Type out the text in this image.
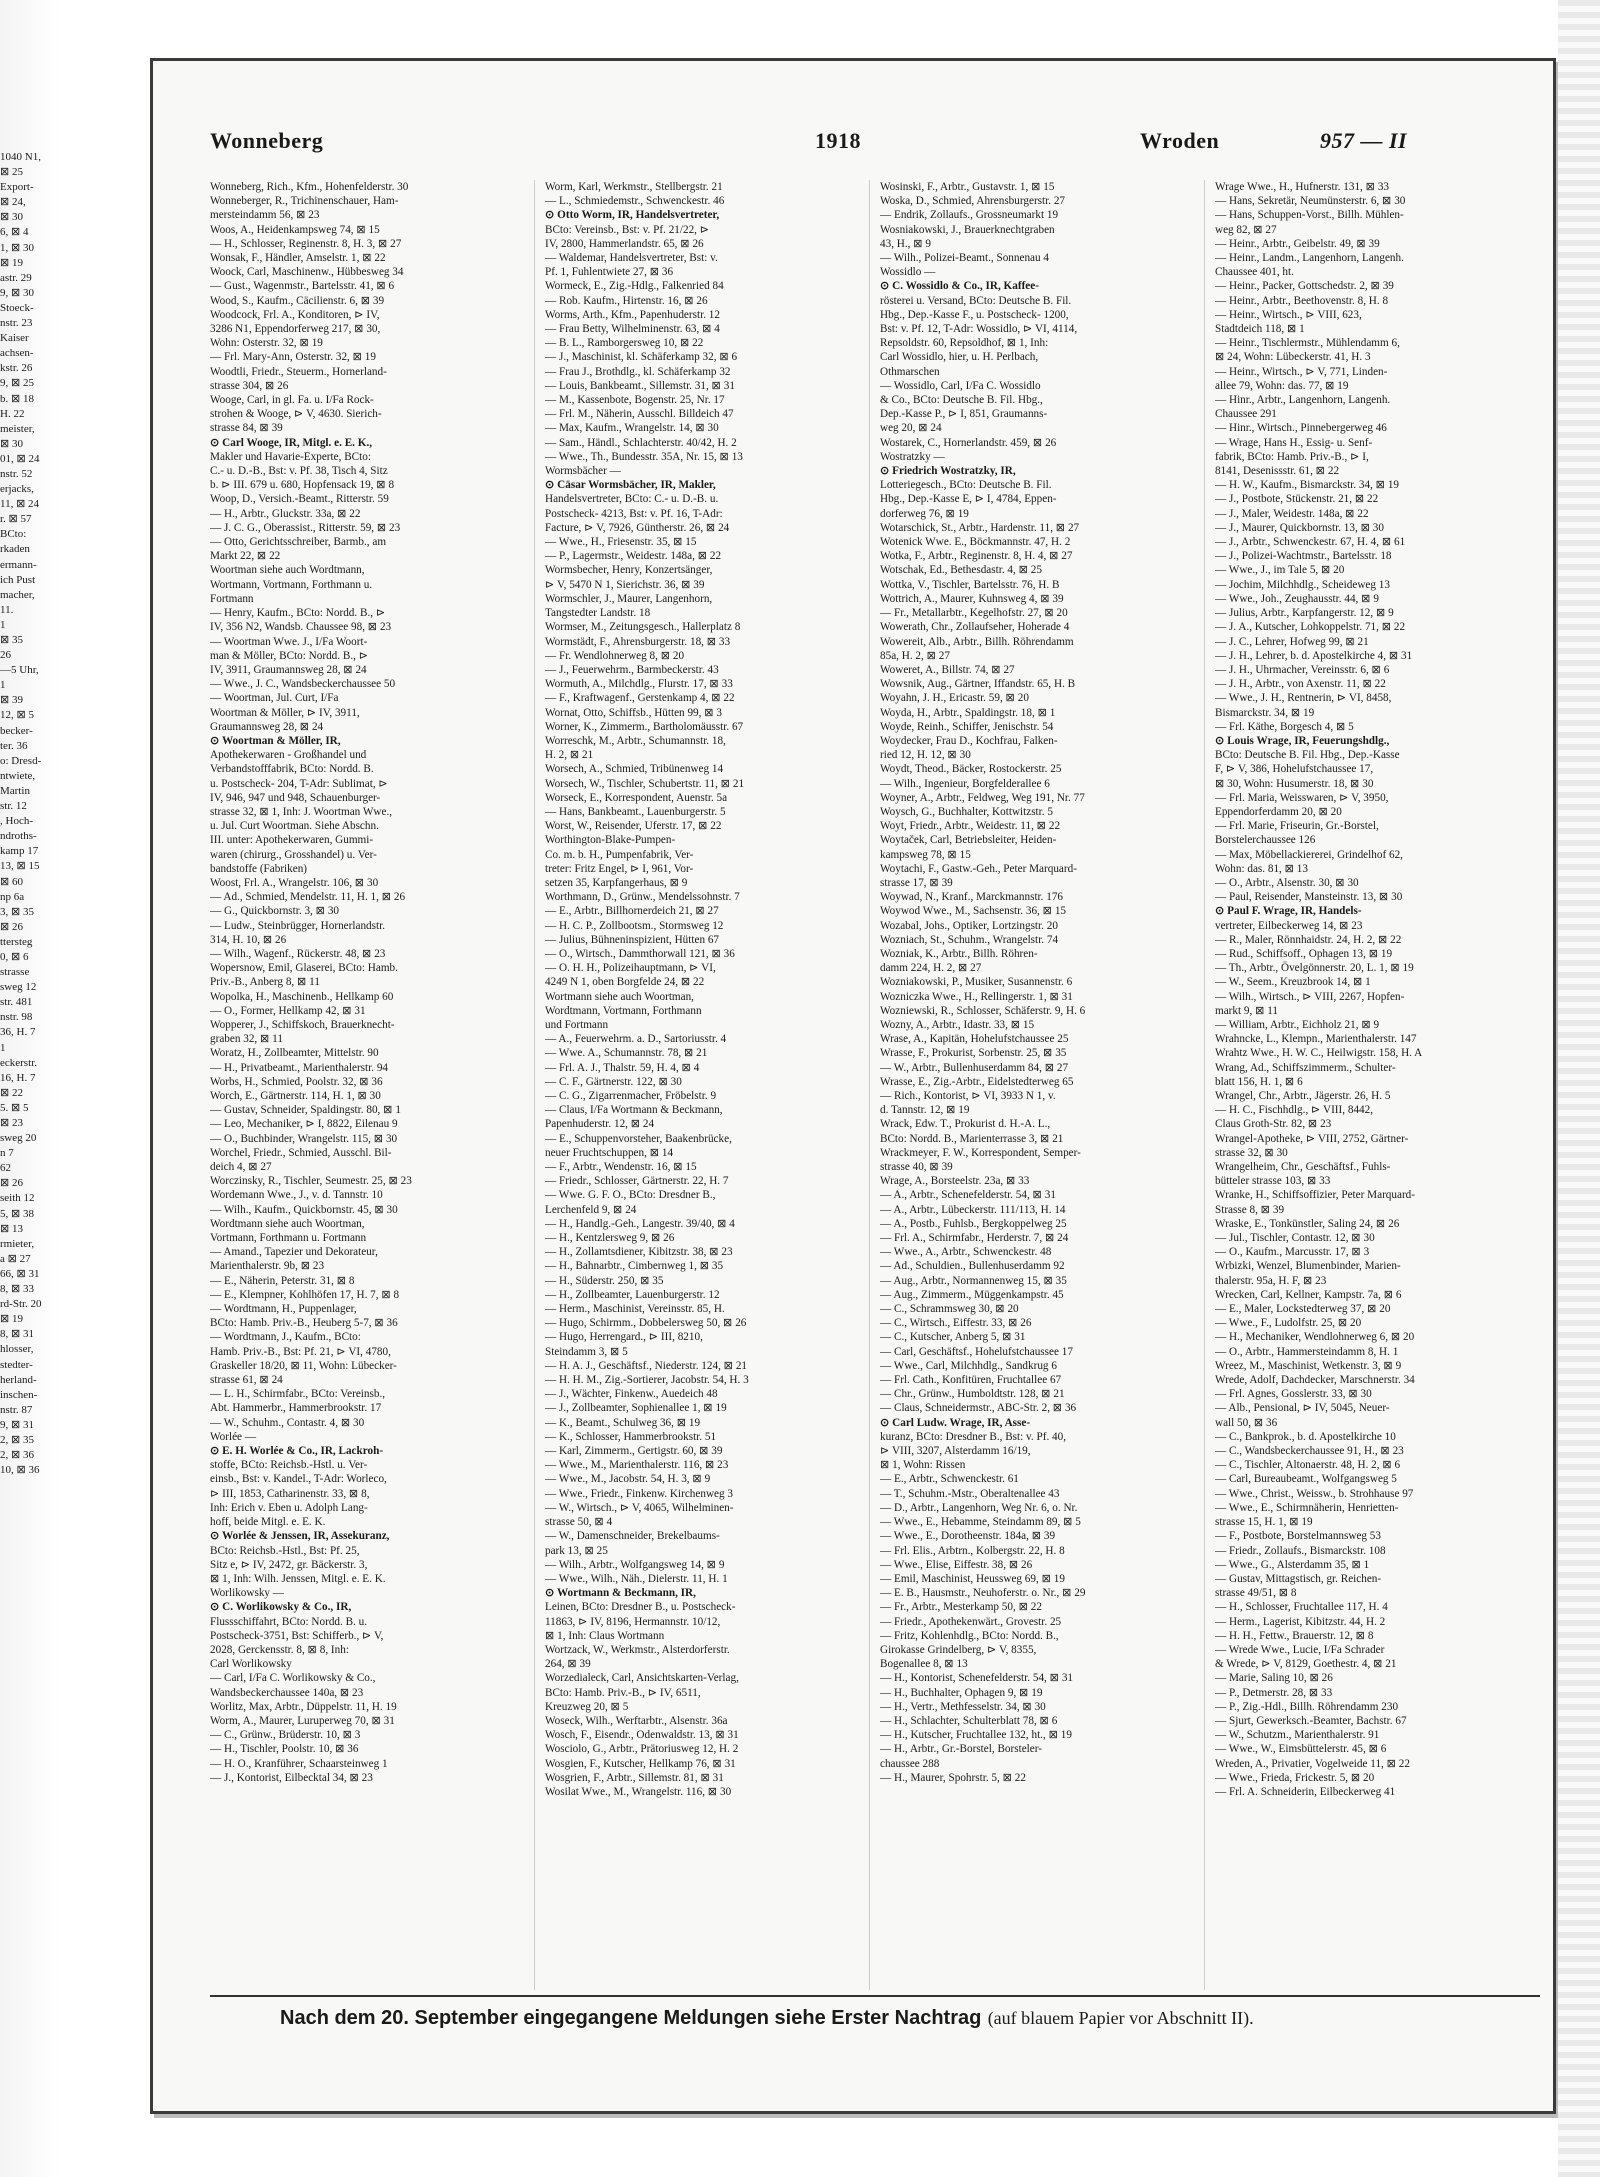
1040 N1,
⊠ 25
Export-
⊠ 24,
⊠ 30
6, ⊠ 4
1, ⊠ 30
⊠ 19
astr. 29
9, ⊠ 30
Stoeck-
nstr. 23
Kaiser
achsen-
kstr. 26
9, ⊠ 25
b. ⊠ 18
H. 22
meister,
⊠ 30
01, ⊠ 24
nstr. 52
erjacks,
11, ⊠ 24
r. ⊠ 57
BCto:
rkaden
ermann-
ich Pust
macher,
11.
1
⊠ 35
26
—5 Uhr,
1
⊠ 39
12, ⊠ 5
becker-
ter. 36
o: Dresd-
ntwiete,
Martin
str. 12
, Hoch-
ndroths-
kamp 17
13, ⊠ 15
⊠ 60
np 6a
3, ⊠ 35
⊠ 26
ttersteg
0, ⊠ 6
strasse
sweg 12
str. 481
nstr. 98
36, H. 7
1
eckerstr.
16, H. 7
⊠ 22
5. ⊠ 5
⊠ 23
sweg 20
n 7
62
⊠ 26
seith 12
5, ⊠ 38
⊠ 13
rmieter,
a ⊠ 27
66, ⊠ 31
8, ⊠ 33
rd-Str. 20
⊠ 19
8, ⊠ 31
hlosser,
stedter-
herland-
inschen-
nstr. 87
9, ⊠ 31
2, ⊠ 35
2, ⊠ 36
10, ⊠ 36
Wonneberg	1918	Wroden	957 — II
Wonneberg, Rich., Kfm., Hohenfelderstr. 30
Wonneberger, R., Trichinenschauer, Ham-
mersteindamm 56, ⊠ 23
Woos, A., Heidenkampsweg 74, ⊠ 15
— H., Schlosser, Reginenstr. 8, H. 3, ⊠ 27
Wonsak, F., Händler, Amselstr. 1, ⊠ 22
Woock, Carl, Maschinenw., Hübbesweg 34
— Gust., Wagenmstr., Bartelsstr. 41, ⊠ 6
Wood, S., Kaufm., Cäcilienstr. 6, ⊠ 39
Woodcock, Frl. A., Konditoren, ⊳ IV,
3286 N1, Eppendorferweg 217, ⊠ 30,
Wohn: Osterstr. 32, ⊠ 19
— Frl. Mary-Ann, Osterstr. 32, ⊠ 19
Woodtli, Friedr., Steuerm., Hornerland-
strasse 304, ⊠ 26
Wooge, Carl, in gl. Fa. u. I/Fa Rock-
strohen & Wooge, ⊳ V, 4630. Sierich-
strasse 84, ⊠ 39
⊙ Carl Wooge, IR, Mitgl. e. E. K.,
Makler und Havarie-Experte, BCto:
C.- u. D.-B., Bst: v. Pf. 38, Tisch 4, Sitz
b. ⊳ III. 679 u. 680, Hopfensack 19, ⊠ 8
Woop, D., Versich.-Beamt., Ritterstr. 59
— H., Arbtr., Gluckstr. 33a, ⊠ 22
— J. C. G., Oberassist., Ritterstr. 59, ⊠ 23
— Otto, Gerichtsschreiber, Barmb., am
Markt 22, ⊠ 22
Woortman siehe auch Wordtmann,
Wortmann, Vortmann, Forthmann u.
Fortmann
— Henry, Kaufm., BCto: Nordd. B., ⊳
IV, 356 N2, Wandsb. Chaussee 98, ⊠ 23
— Woortman Wwe. J., I/Fa Woort-
man & Möller, BCto: Nordd. B., ⊳
IV, 3911, Graumannsweg 28, ⊠ 24
— Wwe., J. C., Wandsbeckerchaussee 50
— Woortman, Jul. Curt, I/Fa
Woortman & Möller, ⊳ IV, 3911,
Graumannsweg 28, ⊠ 24
⊙ Woortman & Möller, IR,
Apothekerwaren - Großhandel und
Verbandstofffabrik, BCto: Nordd. B.
u. Postscheck- 204, T-Adr: Sublimat, ⊳
IV, 946, 947 und 948, Schauenburger-
strasse 32, ⊠ 1, Inh: J. Woortman Wwe.,
u. Jul. Curt Woortman. Siehe Abschn.
III. unter: Apothekerwaren, Gummi-
waren (chirurg., Grosshandel) u. Ver-
bandstoffe (Fabriken)
Woost, Frl. A., Wrangelstr. 106, ⊠ 30
— Ad., Schmied, Mendelstr. 11, H. 1, ⊠ 26
— G., Quickbornstr. 3, ⊠ 30
— Ludw., Steinbrügger, Hornerlandstr.
314, H. 10, ⊠ 26
— Wilh., Wagenf., Rückerstr. 48, ⊠ 23
Wopersnow, Emil, Glaserei, BCto: Hamb.
Priv.-B., Anberg 8, ⊠ 11
Wopolka, H., Maschinenb., Hellkamp 60
— O., Former, Hellkamp 42, ⊠ 31
Wopperer, J., Schiffskoch, Brauerknecht-
graben 32, ⊠ 11
Woratz, H., Zollbeamter, Mittelstr. 90
— H., Privatbeamt., Marienthalerstr. 94
Worbs, H., Schmied, Poolstr. 32, ⊠ 36
Worch, E., Gärtnerstr. 114, H. 1, ⊠ 30
— Gustav, Schneider, Spaldingstr. 80, ⊠ 1
— Leo, Mechaniker, ⊳ I, 8822, Eilenau 9
— O., Buchbinder, Wrangelstr. 115, ⊠ 30
Worchel, Friedr., Schmied, Ausschl. Bil-
deich 4, ⊠ 27
Worczinsky, R., Tischler, Seumestr. 25, ⊠ 23
Wordemann Wwe., J., v. d. Tannstr. 10
— Wilh., Kaufm., Quickbornstr. 45, ⊠ 30
Wordtmann siehe auch Woortman,
Vortmann, Forthmann u. Fortmann
— Amand., Tapezier und Dekorateur,
Marienthalerstr. 9b, ⊠ 23
— E., Näherin, Peterstr. 31, ⊠ 8
— E., Klempner, Kohlhöfen 17, H. 7, ⊠ 8
— Wordtmann, H., Puppenlager,
BCto: Hamb. Priv.-B., Heuberg 5-7, ⊠ 36
— Wordtmann, J., Kaufm., BCto:
Hamb. Priv.-B., Bst: Pf. 21, ⊳ VI, 4780,
Graskeller 18/20, ⊠ 11, Wohn: Lübecker-
strasse 61, ⊠ 24
— L. H., Schirmfabr., BCto: Vereinsb.,
Abt. Hammerbr., Hammerbrookstr. 17
— W., Schuhm., Contastr. 4, ⊠ 30
Worlée —
⊙ E. H. Worlée & Co., IR, Lackroh-
stoffe, BCto: Reichsb.-Hstl. u. Ver-
einsb., Bst: v. Kandel., T-Adr: Worleco,
⊳ III, 1853, Catharinenstr. 33, ⊠ 8,
Inh: Erich v. Eben u. Adolph Lang-
hoff, beide Mitgl. e. E. K.
⊙ Worlée & Jenssen, IR, Assekuranz,
BCto: Reichsb.-Hstl., Bst: Pf. 25,
Sitz e, ⊳ IV, 2472, gr. Bäckerstr. 3,
⊠ 1, Inh: Wilh. Jenssen, Mitgl. e. E. K.
Worlikowsky —
⊙ C. Worlikowsky & Co., IR,
Flussschiffahrt, BCto: Nordd. B. u.
Postscheck-3751, Bst: Schifferb., ⊳ V,
2028, Gerckensstr. 8, ⊠ 8, Inh:
Carl Worlikowsky
— Carl, I/Fa C. Worlikowsky & Co.,
Wandsbeckerchaussee 140a, ⊠ 23
Worlitz, Max, Arbtr., Düppelstr. 11, H. 19
Worm, A., Maurer, Luruperweg 70, ⊠ 31
— C., Grünw., Brüderstr. 10, ⊠ 3
— H., Tischler, Poolstr. 10, ⊠ 36
— H. O., Kranführer, Schaarsteinweg 1
— J., Kontorist, Eilbecktal 34, ⊠ 23
Worm, Karl, Werkmstr., Stellbergstr. 21
— L., Schmiedemstr., Schwenckestr. 46
⊙ Otto Worm, IR, Handelsvertreter,
BCto: Vereinsb., Bst: v. Pf. 21/22, ⊳
IV, 2800, Hammerlandstr. 65, ⊠ 26
— Waldemar, Handelsvertreter, Bst: v.
Pf. 1, Fuhlentwiete 27, ⊠ 36
Wormeck, E., Zig.-Hdlg., Falkenried 84
— Rob. Kaufm., Hirtenstr. 16, ⊠ 26
Worms, Arth., Kfm., Papenhuderstr. 12
— Frau Betty, Wilhelminenstr. 63, ⊠ 4
— B. L., Ramborgersweg 10, ⊠ 22
— J., Maschinist, kl. Schäferkamp 32, ⊠ 6
— Frau J., Brothdlg., kl. Schäferkamp 32
— Louis, Bankbeamt., Sillemstr. 31, ⊠ 31
— M., Kassenbote, Bogenstr. 25, Nr. 17
— Frl. M., Näherin, Ausschl. Billdeich 47
— Max, Kaufm., Wrangelstr. 14, ⊠ 30
— Sam., Händl., Schlachterstr. 40/42, H. 2
— Wwe., Th., Bundesstr. 35A, Nr. 15, ⊠ 13
Wormsbächer —
⊙ Cäsar Wormsbächer, IR, Makler,
Handelsvertreter, BCto: C.- u. D.-B. u.
Postscheck- 4213, Bst: v. Pf. 16, T-Adr:
Facture, ⊳ V, 7926, Güntherstr. 26, ⊠ 24
— Wwe., H., Friesenstr. 35, ⊠ 15
— P., Lagermstr., Weidestr. 148a, ⊠ 22
Wormsbecher, Henry, Konzertsänger,
⊳ V, 5470 N 1, Sierichstr. 36, ⊠ 39
Wormschler, J., Maurer, Langenhorn,
Tangstedter Landstr. 18
Wormser, M., Zeitungsgesch., Hallerplatz 8
Wormstädt, F., Ahrensburgerstr. 18, ⊠ 33
— Fr. Wendlohnerweg 8, ⊠ 20
— J., Feuerwehrm., Barmbeckerstr. 43
Wormuth, A., Milchdlg., Flurstr. 17, ⊠ 33
— F., Kraftwagenf., Gerstenkamp 4, ⊠ 22
Wornat, Otto, Schiffsb., Hütten 99, ⊠ 3
Worner, K., Zimmerm., Bartholomäusstr. 67
Worreschk, M., Arbtr., Schumannstr. 18,
H. 2, ⊠ 21
Worsech, A., Schmied, Tribünenweg 14
Worsech, W., Tischler, Schubertstr. 11, ⊠ 21
Worseck, E., Korrespondent, Auenstr. 5a
— Hans, Bankbeamt., Lauenburgerstr. 5
Worst, W., Reisender, Uferstr. 17, ⊠ 22
Worthington-Blake-Pumpen-
Co. m. b. H., Pumpenfabrik, Ver-
treter: Fritz Engel, ⊳ I, 961, Vor-
setzen 35, Karpfangerhaus, ⊠ 9
Worthmann, D., Grünw., Mendelssohnstr. 7
— E., Arbtr., Billhornerdeich 21, ⊠ 27
— H. C. P., Zollbootsm., Stormsweg 12
— Julius, Bühneninspizient, Hütten 67
— O., Wirtsch., Dammthorwall 121, ⊠ 36
— O. H. H., Polizeihauptmann, ⊳ VI,
4249 N 1, oben Borgfelde 24, ⊠ 22
Wortmann siehe auch Woortman,
Wordtmann, Vortmann, Forthmann
und Fortmann
— A., Feuerwehrm. a. D., Sartoriusstr. 4
— Wwe. A., Schumannstr. 78, ⊠ 21
— Frl. A. J., Thalstr. 59, H. 4, ⊠ 4
— C. F., Gärtnerstr. 122, ⊠ 30
— C. G., Zigarrenmacher, Fröbelstr. 9
— Claus, I/Fa Wortmann & Beckmann,
Papenhuderstr. 12, ⊠ 24
— E., Schuppenvorsteher, Baakenbrücke,
neuer Fruchtschuppen, ⊠ 14
— F., Arbtr., Wendenstr. 16, ⊠ 15
— Friedr., Schlosser, Gärtnerstr. 22, H. 7
— Wwe. G. F. O., BCto: Dresdner B.,
Lerchenfeld 9, ⊠ 24
— H., Handlg.-Geh., Langestr. 39/40, ⊠ 4
— H., Kentzlersweg 9, ⊠ 26
— H., Zollamtsdiener, Kibitzstr. 38, ⊠ 23
— H., Bahnarbtr., Cimbernweg 1, ⊠ 35
— H., Süderstr. 250, ⊠ 35
— H., Zollbeamter, Lauenburgerstr. 12
— Herm., Maschinist, Vereinsstr. 85, H.
— Hugo, Schirmm., Dobbelersweg 50, ⊠ 26
— Hugo, Herrengard., ⊳ III, 8210,
Steindamm 3, ⊠ 5
— H. A. J., Geschäftsf., Niederstr. 124, ⊠ 21
— H. H. M., Zig.-Sortierer, Jacobstr. 54, H. 3
— J., Wächter, Finkenw., Auedeich 48
— J., Zollbeamter, Sophienallee 1, ⊠ 19
— K., Beamt., Schulweg 36, ⊠ 19
— K., Schlosser, Hammerbrookstr. 51
— Karl, Zimmerm., Gertigstr. 60, ⊠ 39
— Wwe., M., Marienthalerstr. 116, ⊠ 23
— Wwe., M., Jacobstr. 54, H. 3, ⊠ 9
— Wwe., Friedr., Finkenw. Kirchenweg 3
— W., Wirtsch., ⊳ V, 4065, Wilhelminen-
strasse 50, ⊠ 4
— W., Damenschneider, Brekelbaums-
park 13, ⊠ 25
— Wilh., Arbtr., Wolfgangsweg 14, ⊠ 9
— Wwe., Wilh., Näh., Dielerstr. 11, H. 1
⊙ Wortmann & Beckmann, IR,
Leinen, BCto: Dresdner B., u. Postscheck-
11863, ⊳ IV, 8196, Hermannstr. 10/12,
⊠ 1, Inh: Claus Wortmann
Wortzack, W., Werkmstr., Alsterdorferstr.
264, ⊠ 39
Worzedialeck, Carl, Ansichtskarten-Verlag,
BCto: Hamb. Priv.-B., ⊳ IV, 6511,
Kreuzweg 20, ⊠ 5
Woseck, Wilh., Werftarbtr., Alsenstr. 36a
Wosch, F., Eisendr., Odenwaldstr. 13, ⊠ 31
Wosciolo, G., Arbtr., Prätoriusweg 12, H. 2
Wosgien, F., Kutscher, Hellkamp 76, ⊠ 31
Wosgrien, F., Arbtr., Sillemstr. 81, ⊠ 31
Wosilat Wwe., M., Wrangelstr. 116, ⊠ 30
Wosinski, F., Arbtr., Gustavstr. 1, ⊠ 15
Woska, D., Schmied, Ahrensburgerstr. 27
— Endrik, Zollaufs., Grossneumarkt 19
Wosniakowski, J., Brauerknechtgraben
43, H., ⊠ 9
— Wilh., Polizei-Beamt., Sonnenau 4
Wossidlo —
⊙ C. Wossidlo & Co., IR, Kaffee-
rösterei u. Versand, BCto: Deutsche B. Fil.
Hbg., Dep.-Kasse F., u. Postscheck- 1200,
Bst: v. Pf. 12, T-Adr: Wossidlo, ⊳ VI, 4114,
Repsoldstr. 60, Repsoldhof, ⊠ 1, Inh:
Carl Wossidlo, hier, u. H. Perlbach,
Othmarschen
— Wossidlo, Carl, I/Fa C. Wossidlo
& Co., BCto: Deutsche B. Fil. Hbg.,
Dep.-Kasse P., ⊳ I, 851, Graumanns-
weg 20, ⊠ 24
Wostarek, C., Hornerlandstr. 459, ⊠ 26
Wostratzky —
⊙ Friedrich Wostratzky, IR,
Lotteriegesch., BCto: Deutsche B. Fil.
Hbg., Dep.-Kasse E, ⊳ I, 4784, Eppen-
dorferweg 76, ⊠ 19
Wotarschick, St., Arbtr., Hardenstr. 11, ⊠ 27
Wotenick Wwe. E., Böckmannstr. 47, H. 2
Wotka, F., Arbtr., Reginenstr. 8, H. 4, ⊠ 27
Wotschak, Ed., Bethesdastr. 4, ⊠ 25
Wottka, V., Tischler, Bartelsstr. 76, H. B
Wottrich, A., Maurer, Kuhnsweg 4, ⊠ 39
— Fr., Metallarbtr., Kegelhofstr. 27, ⊠ 20
Wowerath, Chr., Zollaufseher, Hoherade 4
Wowereit, Alb., Arbtr., Billh. Röhrendamm
85a, H. 2, ⊠ 27
Woweret, A., Billstr. 74, ⊠ 27
Wowsnik, Aug., Gärtner, Iffandstr. 65, H. B
Woyahn, J. H., Ericastr. 59, ⊠ 20
Woyda, H., Arbtr., Spaldingstr. 18, ⊠ 1
Woyde, Reinh., Schiffer, Jenischstr. 54
Woydecker, Frau D., Kochfrau, Falken-
ried 12, H. 12, ⊠ 30
Woydt, Theod., Bäcker, Rostockerstr. 25
— Wilh., Ingenieur, Borgfelderallee 6
Woyner, A., Arbtr., Feldweg, Weg 191, Nr. 77
Woysch, G., Buchhalter, Kottwitzstr. 5
Woyt, Friedr., Arbtr., Weidestr. 11, ⊠ 22
Woytaček, Carl, Betriebsleiter, Heiden-
kampsweg 78, ⊠ 15
Woytachi, F., Gastw.-Geh., Peter Marquard-
strasse 17, ⊠ 39
Woywad, N., Kranf., Marckmannstr. 176
Woywod Wwe., M., Sachsenstr. 36, ⊠ 15
Wozabal, Johs., Optiker, Lortzingstr. 20
Wozniach, St., Schuhm., Wrangelstr. 74
Wozniak, K., Arbtr., Billh. Röhren-
damm 224, H. 2, ⊠ 27
Wozniakowski, P., Musiker, Susannenstr. 6
Wozniczka Wwe., H., Rellingerstr. 1, ⊠ 31
Wozniewski, R., Schlosser, Schäferstr. 9, H. 6
Wozny, A., Arbtr., Idastr. 33, ⊠ 15
Wrase, A., Kapitän, Hohelufstchaussee 25
Wrasse, F., Prokurist, Sorbenstr. 25, ⊠ 35
— W., Arbtr., Bullenhuserdamm 84, ⊠ 27
Wrasse, E., Zig.-Arbtr., Eidelstedterweg 65
— Rich., Kontorist, ⊳ VI, 3933 N 1, v.
d. Tannstr. 12, ⊠ 19
Wrack, Edw. T., Prokurist d. H.-A. L.,
BCto: Nordd. B., Marienterrasse 3, ⊠ 21
Wrackmeyer, F. W., Korrespondent, Semper-
strasse 40, ⊠ 39
Wrage, A., Borsteelstr. 23a, ⊠ 33
— A., Arbtr., Schenefelderstr. 54, ⊠ 31
— A., Arbtr., Lübeckerstr. 111/113, H. 14
— A., Postb., Fuhlsb., Bergkoppelweg 25
— Frl. A., Schirmfabr., Herderstr. 7, ⊠ 24
— Wwe., A., Arbtr., Schwenckestr. 48
— Ad., Schuldien., Bullenhuserdamm 92
— Aug., Arbtr., Normannenweg 15, ⊠ 35
— Aug., Zimmerm., Müggenkampstr. 45
— C., Schrammsweg 30, ⊠ 20
— C., Wirtsch., Eiffestr. 33, ⊠ 26
— C., Kutscher, Anberg 5, ⊠ 31
— Carl, Geschäftsf., Hohelufstchaussee 17
— Wwe., Carl, Milchhdlg., Sandkrug 6
— Frl. Cath., Konfitüren, Fruchtallee 67
— Chr., Grünw., Humboldtstr. 128, ⊠ 21
— Claus, Schneidermstr., ABC-Str. 2, ⊠ 36
⊙ Carl Ludw. Wrage, IR, Asse-
kuranz, BCto: Dresdner B., Bst: v. Pf. 40,
⊳ VIII, 3207, Alsterdamm 16/19,
⊠ 1, Wohn: Rissen
— E., Arbtr., Schwenckestr. 61
— T., Schuhm.-Mstr., Oberaltenallee 43
— D., Arbtr., Langenhorn, Weg Nr. 6, o. Nr.
— Wwe., E., Hebamme, Steindamm 89, ⊠ 5
— Wwe., E., Dorotheenstr. 184a, ⊠ 39
— Frl. Elis., Arbtrn., Kolbergstr. 22, H. 8
— Wwe., Elise, Eiffestr. 38, ⊠ 26
— Emil, Maschinist, Heussweg 69, ⊠ 19
— E. B., Hausmstr., Neuhoferstr. o. Nr., ⊠ 29
— Fr., Arbtr., Mesterkamp 50, ⊠ 22
— Friedr., Apothekenwärt., Grovestr. 25
— Fritz, Kohlenhdlg., BCto: Nordd. B.,
Girokasse Grindelberg, ⊳ V, 8355,
Bogenallee 8, ⊠ 13
— H., Kontorist, Schenefelderstr. 54, ⊠ 31
— H., Buchhalter, Ophagen 9, ⊠ 19
— H., Vertr., Methfesselstr. 34, ⊠ 30
— H., Schlachter, Schulterblatt 78, ⊠ 6
— H., Kutscher, Fruchtallee 132, ht., ⊠ 19
— H., Arbtr., Gr.-Borstel, Borsteler-
chaussee 288
— H., Maurer, Spohrstr. 5, ⊠ 22
Wrage Wwe., H., Hufnerstr. 131, ⊠ 33
— Hans, Sekretär, Neumünsterstr. 6, ⊠ 30
— Hans, Schuppen-Vorst., Billh. Mühlen-
weg 82, ⊠ 27
— Heinr., Arbtr., Geibelstr. 49, ⊠ 39
— Heinr., Landm., Langenhorn, Langenh.
Chaussee 401, ht.
— Heinr., Packer, Gottschedstr. 2, ⊠ 39
— Heinr., Arbtr., Beethovenstr. 8, H. 8
— Heinr., Wirtsch., ⊳ VIII, 623,
Stadtdeich 118, ⊠ 1
— Heinr., Tischlermstr., Mühlendamm 6,
⊠ 24, Wohn: Lübeckerstr. 41, H. 3
— Heinr., Wirtsch., ⊳ V, 771, Linden-
allee 79, Wohn: das. 77, ⊠ 19
— Hinr., Arbtr., Langenhorn, Langenh.
Chaussee 291
— Hinr., Wirtsch., Pinnebergerweg 46
— Wrage, Hans H., Essig- u. Senf-
fabrik, BCto: Hamb. Priv.-B., ⊳ I,
8141, Desenissstr. 61, ⊠ 22
— H. W., Kaufm., Bismarckstr. 34, ⊠ 19
— J., Postbote, Stückenstr. 21, ⊠ 22
— J., Maler, Weidestr. 148a, ⊠ 22
— J., Maurer, Quickbornstr. 13, ⊠ 30
— J., Arbtr., Schwenckestr. 67, H. 4, ⊠ 61
— J., Polizei-Wachtmstr., Bartelsstr. 18
— Wwe., J., im Tale 5, ⊠ 20
— Jochim, Milchhdlg., Scheideweg 13
— Wwe., Joh., Zeughausstr. 44, ⊠ 9
— Julius, Arbtr., Karpfangerstr. 12, ⊠ 9
— J. A., Kutscher, Lohkoppelstr. 71, ⊠ 22
— J. C., Lehrer, Hofweg 99, ⊠ 21
— J. H., Lehrer, b. d. Apostelkirche 4, ⊠ 31
— J. H., Uhrmacher, Vereinsstr. 6, ⊠ 6
— J. H., Arbtr., von Axenstr. 11, ⊠ 22
— Wwe., J. H., Rentnerin, ⊳ VI, 8458,
Bismarckstr. 34, ⊠ 19
— Frl. Käthe, Borgesch 4, ⊠ 5
⊙ Louis Wrage, IR, Feuerungshdlg.,
BCto: Deutsche B. Fil. Hbg., Dep.-Kasse
F, ⊳ V, 386, Hohelufstchaussee 17,
⊠ 30, Wohn: Husumerstr. 18, ⊠ 30
— Frl. Maria, Weisswaren, ⊳ V, 3950,
Eppendorferdamm 20, ⊠ 20
— Frl. Marie, Friseurin, Gr.-Borstel,
Borstelerchaussee 126
— Max, Möbellackiererei, Grindelhof 62,
Wohn: das. 81, ⊠ 13
— O., Arbtr., Alsenstr. 30, ⊠ 30
— Paul, Reisender, Mansteinstr. 13, ⊠ 30
⊙ Paul F. Wrage, IR, Handels-
vertreter, Eilbeckerweg 14, ⊠ 23
— R., Maler, Rönnhaidstr. 24, H. 2, ⊠ 22
— Rud., Schiffsoff., Ophagen 13, ⊠ 19
— Th., Arbtr., Övelgönnerstr. 20, L. 1, ⊠ 19
— W., Seem., Kreuzbrook 14, ⊠ 1
— Wilh., Wirtsch., ⊳ VIII, 2267, Hopfen-
markt 9, ⊠ 11
— William, Arbtr., Eichholz 21, ⊠ 9
Wrahncke, L., Klempn., Marienthalerstr. 147
Wrahtz Wwe., H. W. C., Heilwigstr. 158, H. A
Wrang, Ad., Schiffszimmerm., Schulter-
blatt 156, H. 1, ⊠ 6
Wrangel, Chr., Arbtr., Jägerstr. 26, H. 5
— H. C., Fischhdlg., ⊳ VIII, 8442,
Claus Groth-Str. 82, ⊠ 23
Wrangel-Apotheke, ⊳ VIII, 2752, Gärtner-
strasse 32, ⊠ 30
Wrangelheim, Chr., Geschäftsf., Fuhls-
bütteler strasse 103, ⊠ 33
Wranke, H., Schiffsoffizier, Peter Marquard-
Strasse 8, ⊠ 39
Wraske, E., Tonkünstler, Saling 24, ⊠ 26
— Jul., Tischler, Contastr. 12, ⊠ 30
— O., Kaufm., Marcusstr. 17, ⊠ 3
Wrbizki, Wenzel, Blumenbinder, Marien-
thalerstr. 95a, H. F, ⊠ 23
Wrecken, Carl, Kellner, Kampstr. 7a, ⊠ 6
— E., Maler, Lockstedterweg 37, ⊠ 20
— Wwe., F., Ludolfstr. 25, ⊠ 20
— H., Mechaniker, Wendlohnerweg 6, ⊠ 20
— O., Arbtr., Hammersteindamm 8, H. 1
Wreez, M., Maschinist, Wetkenstr. 3, ⊠ 9
Wrede, Adolf, Dachdecker, Marschnerstr. 34
— Frl. Agnes, Gosslerstr. 33, ⊠ 30
— Alb., Pensional, ⊳ IV, 5045, Neuer-
wall 50, ⊠ 36
— C., Bankprok., b. d. Apostelkirche 10
— C., Wandsbeckerchaussee 91, H., ⊠ 23
— C., Tischler, Altonaerstr. 48, H. 2, ⊠ 6
— Carl, Bureaubeamt., Wolfgangsweg 5
— Wwe., Christ., Weissw., b. Strohhause 97
— Wwe., E., Schirmnäherin, Henrietten-
strasse 15, H. 1, ⊠ 19
— F., Postbote, Borstelmannsweg 53
— Friedr., Zollaufs., Bismarckstr. 108
— Wwe., G., Alsterdamm 35, ⊠ 1
— Gustav, Mittagstisch, gr. Reichen-
strasse 49/51, ⊠ 8
— H., Schlosser, Fruchtallee 117, H. 4
— Herm., Lagerist, Kibitzstr. 44, H. 2
— H. H., Fettw., Brauerstr. 12, ⊠ 8
— Wrede Wwe., Lucie, I/Fa Schrader
& Wrede, ⊳ V, 8129, Goethestr. 4, ⊠ 21
— Marie, Saling 10, ⊠ 26
— P., Detmerstr. 28, ⊠ 33
— P., Zig.-Hdl., Billh. Röhrendamm 230
— Sjurt, Gewerksch.-Beamter, Bachstr. 67
— W., Schutzm., Marienthalerstr. 91
— Wwe., W., Eimsbüttelerstr. 45, ⊠ 6
Wreden, A., Privatier, Vogelweide 11, ⊠ 22
— Wwe., Frieda, Frickestr. 5, ⊠ 20
— Frl. A. Schneiderin, Eilbeckerweg 41
Nach dem 20. September eingegangene Meldungen siehe Erster Nachtrag (auf blauem Papier vor Abschnitt II).
